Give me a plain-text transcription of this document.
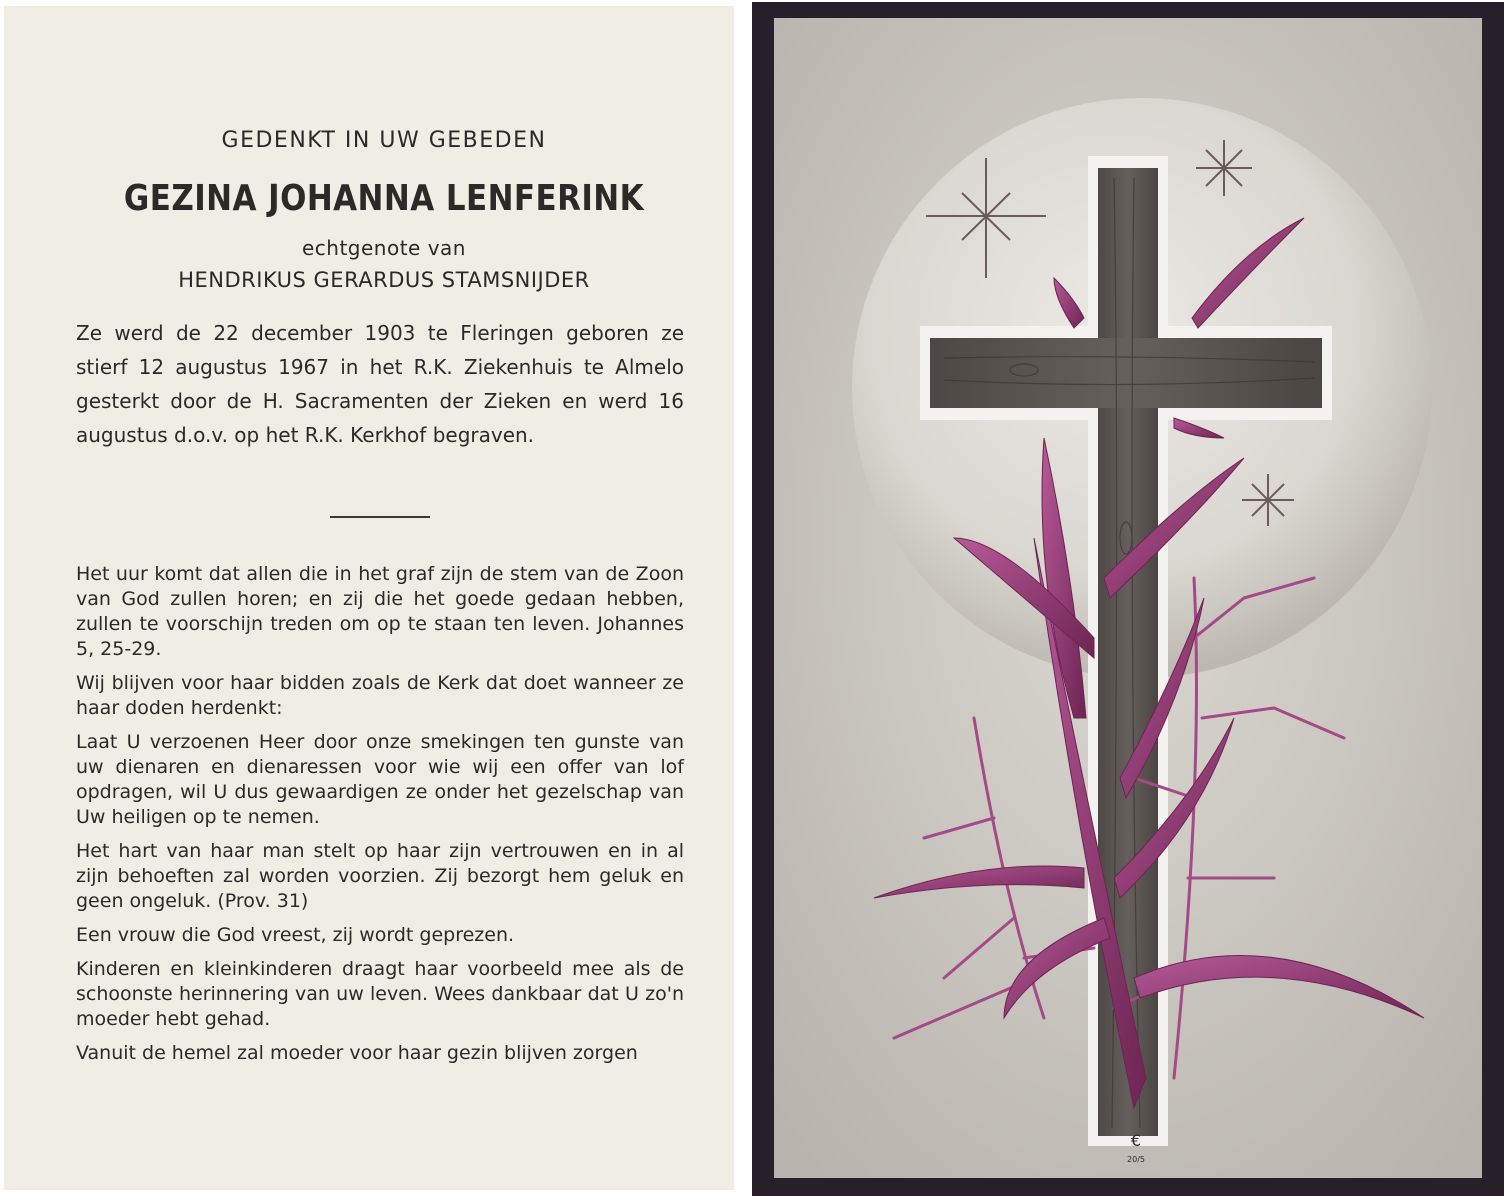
GEDENKT IN UW GEBEDEN
GEZINA JOHANNA LENFERINK
echtgenote van
HENDRIKUS GERARDUS STAMSNIJDER
Ze werd de 22 december 1903 te Fleringen geboren ze stierf 12 augustus 1967 in het R.K. Ziekenhuis te Almelo gesterkt door de H. Sacramenten der Zieken en werd 16 augustus d.o.v. op het R.K. Kerkhof begraven.

Het uur komt dat allen die in het graf zijn de stem van de Zoon van God zullen horen; en zij die het goede gedaan hebben, zullen te voorschijn treden om op te staan ten leven. Johannes 5, 25-29.

Wij blijven voor haar bidden zoals de Kerk dat doet wanneer ze haar doden herdenkt:

Laat U verzoenen Heer door onze smekingen ten gunste van uw dienaren en dienaressen voor wie wij een offer van lof opdragen, wil U dus gewaardigen ze onder het gezelschap van Uw heiligen op te nemen.

Het hart van haar man stelt op haar zijn vertrouwen en in al zijn behoeften zal worden voorzien. Zij bezorgt hem geluk en geen ongeluk. (Prov. 31)

Een vrouw die God vreest, zij wordt geprezen.

Kinderen en kleinkinderen draagt haar voorbeeld mee als de schoonste herinnering van uw leven. Wees dankbaar dat U zo'n moeder hebt gehad.

Vanuit de hemel zal moeder voor haar gezin blijven zorgen

€
20/5
